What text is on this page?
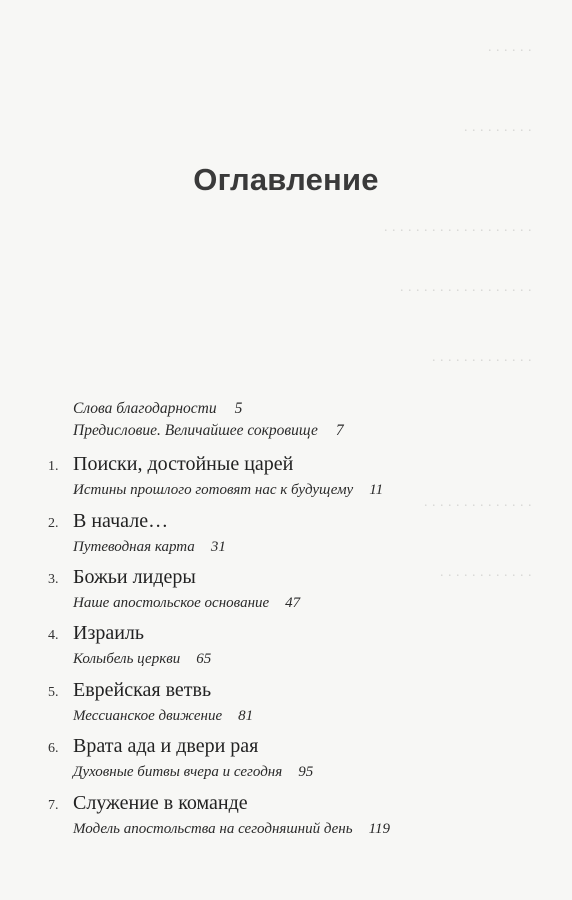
. . . . . .
. . . . . . . . .
. . . . . . . . . . . . . . . . . . .
. . . . . . . . . . . . . . . . .
. . . . . . . . . . . . .
. . . . . . . . . . . . . .
. . . . . . . . . . . .
Оглавление
Слова благодарности 5
Предисловие. Величайшее сокровище 7
1. Поиски, достойные царей
Истины прошлого готовят нас к будущему 11
2. В начале…
Путеводная карта 31
3. Божьи лидеры
Наше апостольское основание 47
4. Израиль
Колыбель церкви 65
5. Еврейская ветвь
Мессианское движение 81
6. Врата ада и двери рая
Духовные битвы вчера и сегодня 95
7. Служение в команде
Модель апостольства на сегодняшний день 119
